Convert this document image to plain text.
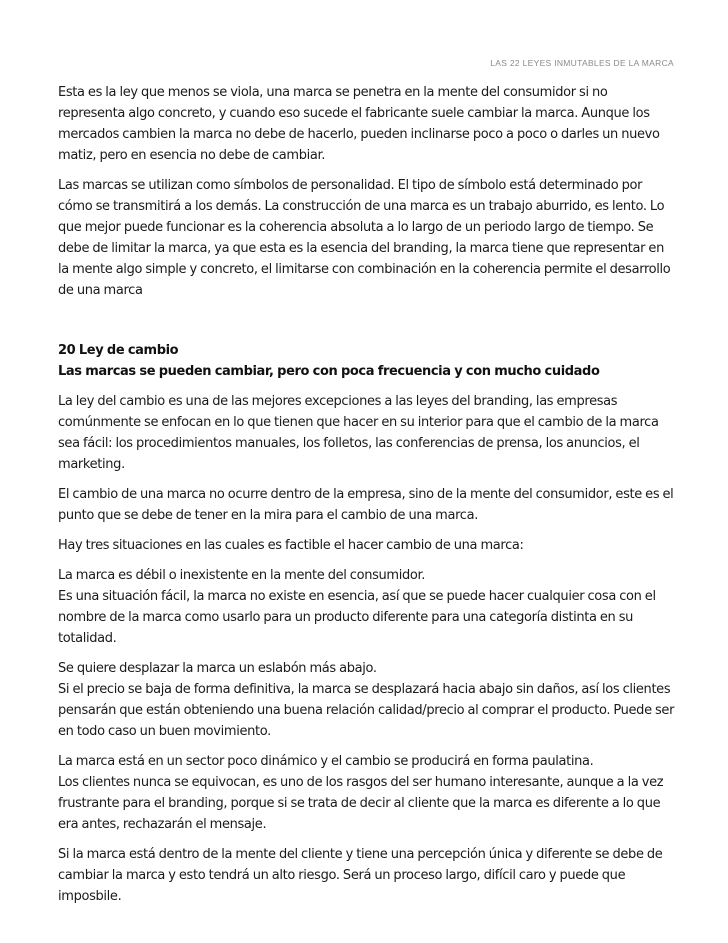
LAS 22 LEYES INMUTABLES DE LA MARCA

Esta es la ley que menos se viola, una marca se penetra en la mente del consumidor si no representa algo concreto, y cuando eso sucede el fabricante suele cambiar la marca. Aunque los mercados cambien la marca no debe de hacerlo, pueden inclinarse poco a poco o darles un nuevo matiz, pero en esencia no debe de cambiar.

Las marcas se utilizan como símbolos de personalidad. El tipo de símbolo está determinado por cómo se transmitirá a los demás. La construcción de una marca es un trabajo aburrido, es lento. Lo que mejor puede funcionar es la coherencia absoluta a lo largo de un periodo largo de tiempo. Se debe de limitar la marca, ya que esta es la esencia del branding, la marca tiene que representar en la mente algo simple y concreto, el limitarse con combinación en la coherencia permite el desarrollo de una marca

20 Ley de cambio
Las marcas se pueden cambiar, pero con poca frecuencia y con mucho cuidado

La ley del cambio es una de las mejores excepciones a las leyes del branding, las empresas comúnmente se enfocan en lo que tienen que hacer en su interior para que el cambio de la marca sea fácil: los procedimientos manuales, los folletos, las conferencias de prensa, los anuncios, el marketing.

El cambio de una marca no ocurre dentro de la empresa, sino de la mente del consumidor, este es el punto que se debe de tener en la mira para el cambio de una marca.

Hay tres situaciones en las cuales es factible el hacer cambio de una marca:

La marca es débil o inexistente en la mente del consumidor.
Es una situación fácil, la marca no existe en esencia, así que se puede hacer cualquier cosa con el nombre de la marca como usarlo para un producto diferente para una categoría distinta en su totalidad.

Se quiere desplazar la marca un eslabón más abajo.
Si el precio se baja de forma definitiva, la marca se desplazará hacia abajo sin daños, así los clientes pensarán que están obteniendo una buena relación calidad/precio al comprar el producto. Puede ser en todo caso un buen movimiento.

La marca está en un sector poco dinámico y el cambio se producirá en forma paulatina.
Los clientes nunca se equivocan, es uno de los rasgos del ser humano interesante, aunque a la vez frustrante para el branding, porque si se trata de decir al cliente que la marca es diferente a lo que era antes, rechazarán el mensaje.

Si la marca está dentro de la mente del cliente y tiene una percepción única y diferente se debe de cambiar la marca y esto tendrá un alto riesgo. Será un proceso largo, difícil caro y puede que imposbile.
